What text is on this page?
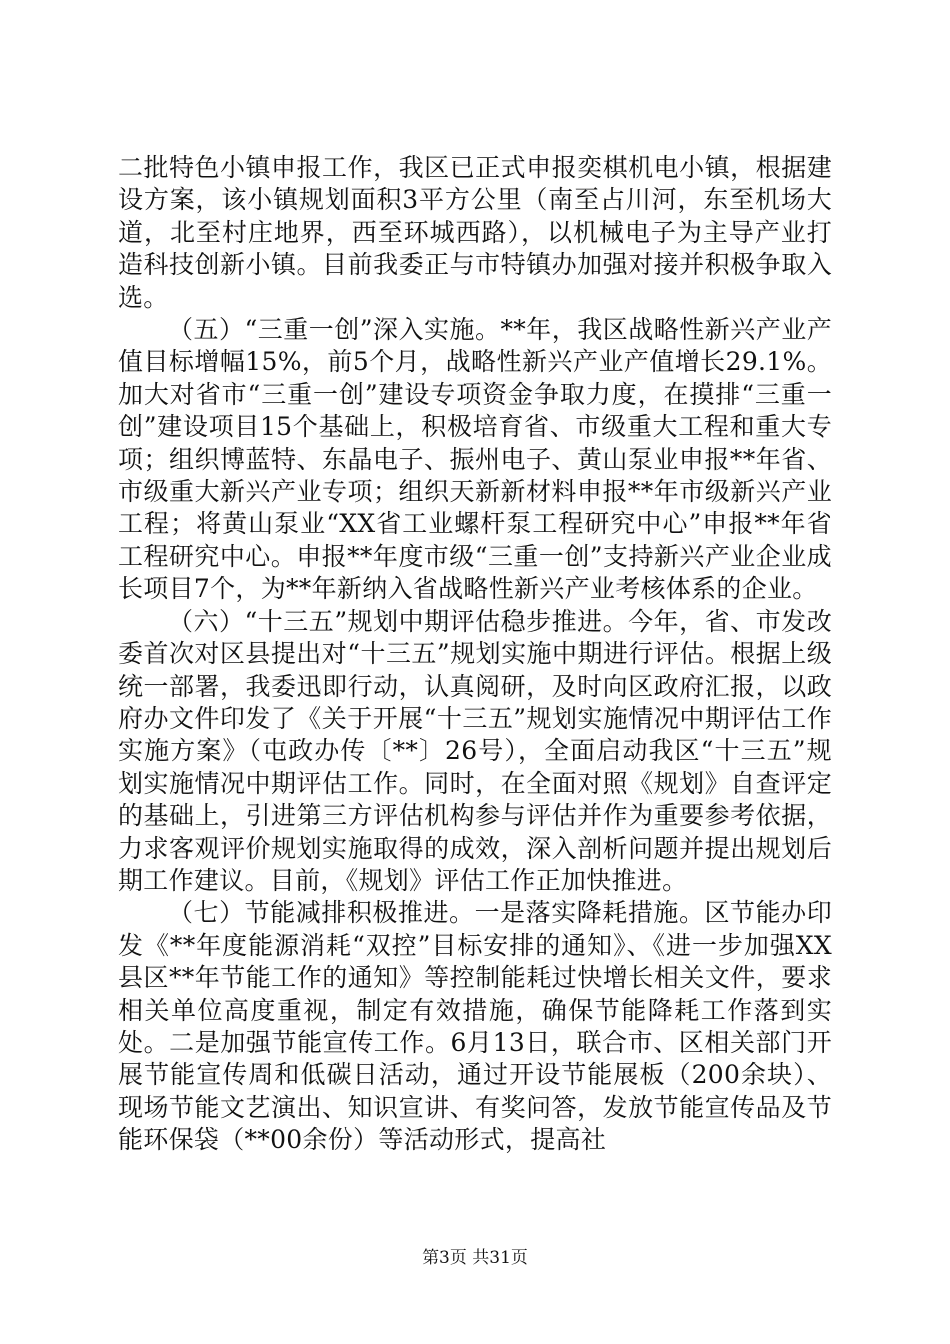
二批特色小镇申报工作，我区已正式申报奕棋机电小镇，根据建设方案，该小镇规划面积3平方公里（南至占川河，东至机场大道，北至村庄地界，西至环城西路），以机械电子为主导产业打造科技创新小镇。目前我委正与市特镇办加强对接并积极争取入选。

（五）“三重一创”深入实施。**年，我区战略性新兴产业产值目标增幅15%，前5个月，战略性新兴产业产值增长29.1%。加大对省市“三重一创”建设专项资金争取力度，在摸排“三重一创”建设项目15个基础上，积极培育省、市级重大工程和重大专项；组织博蓝特、东晶电子、振州电子、黄山泵业申报**年省、市级重大新兴产业专项；组织天新新材料申报**年市级新兴产业工程；将黄山泵业“XX省工业螺杆泵工程研究中心”申报**年省工程研究中心。申报**年度市级“三重一创”支持新兴产业企业成长项目7个，为**年新纳入省战略性新兴产业考核体系的企业。

（六）“十三五”规划中期评估稳步推进。今年，省、市发改委首次对区县提出对“十三五”规划实施中期进行评估。根据上级统一部署，我委迅即行动，认真阅研，及时向区政府汇报，以政府办文件印发了《关于开展“十三五”规划实施情况中期评估工作实施方案》（屯政办传〔**〕26号），全面启动我区“十三五”规划实施情况中期评估工作。同时，在全面对照《规划》自查评定的基础上，引进第三方评估机构参与评估并作为重要参考依据，力求客观评价规划实施取得的成效，深入剖析问题并提出规划后期工作建议。目前，《规划》评估工作正加快推进。

（七）节能减排积极推进。一是落实降耗措施。区节能办印发《**年度能源消耗“双控”目标安排的通知》、《进一步加强XX县区**年节能工作的通知》等控制能耗过快增长相关文件，要求相关单位高度重视，制定有效措施，确保节能降耗工作落到实处。二是加强节能宣传工作。6月13日，联合市、区相关部门开展节能宣传周和低碳日活动，通过开设节能展板（200余块）、现场节能文艺演出、知识宣讲、有奖问答，发放节能宣传品及节能环保袋（**00余份）等活动形式，提高社

第3页 共31页
